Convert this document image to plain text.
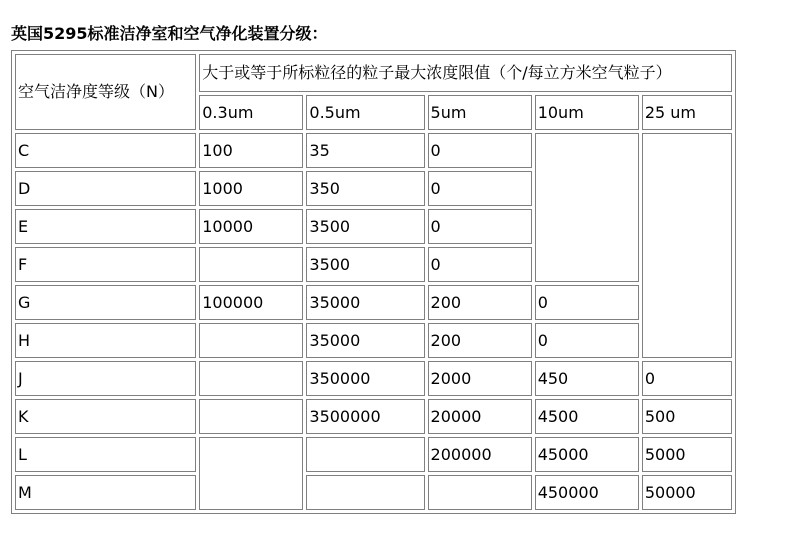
英国5295标准洁净室和空气净化装置分级：
空气洁净度等级（N）	大于或等于所标粒径的粒子最大浓度限值（个/每立方米空气粒子）				
	0.3um	0.5um	5um	10um	25 um
C	100	35	0		
D	1000	350	0		
E	10000	3500	0		
F		3500	0		
G	100000	35000	200	0	
H		35000	200	0	
J		350000	2000	450	0
K		3500000	20000	4500	500
L			200000	45000	5000
M				450000	50000
